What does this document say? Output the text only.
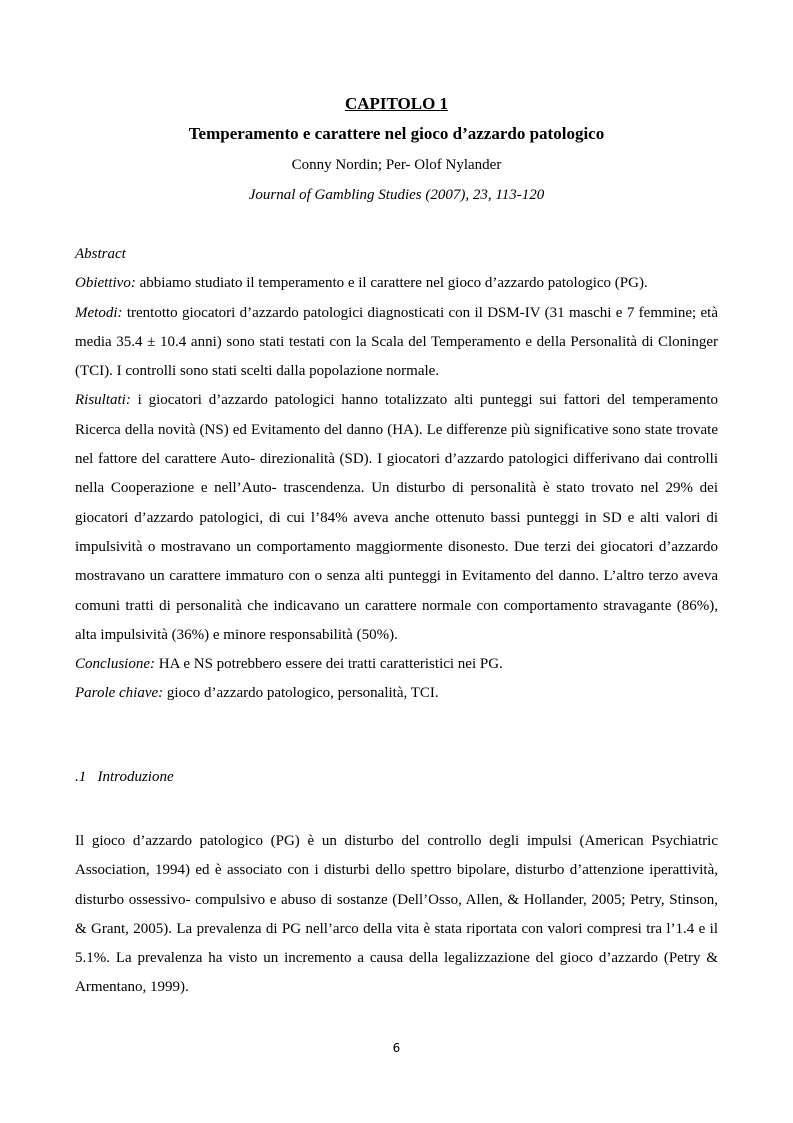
CAPITOLO 1
Temperamento e carattere nel gioco d’azzardo patologico
Conny Nordin; Per- Olof Nylander
Journal of Gambling Studies (2007), 23, 113-120

Abstract

Obiettivo: abbiamo studiato il temperamento e il carattere nel gioco d’azzardo patologico (PG).

Metodi: trentotto giocatori d’azzardo patologici diagnosticati con il DSM-IV (31 maschi e 7 femmine; età media 35.4 ± 10.4 anni) sono stati testati con la Scala del Temperamento e della Personalità di Cloninger (TCI). I controlli sono stati scelti dalla popolazione normale.

Risultati: i giocatori d’azzardo patologici hanno totalizzato alti punteggi sui fattori del temperamento Ricerca della novità (NS) ed Evitamento del danno (HA). Le differenze più significative sono state trovate nel fattore del carattere Auto- direzionalità (SD). I giocatori d’azzardo patologici differivano dai controlli nella Cooperazione e nell’Auto- trascendenza. Un disturbo di personalità è stato trovato nel 29% dei giocatori d’azzardo patologici, di cui l’84% aveva anche ottenuto bassi punteggi in SD e alti valori di impulsività o mostravano un comportamento maggiormente disonesto. Due terzi dei giocatori d’azzardo mostravano un carattere immaturo con o senza alti punteggi in Evitamento del danno. L’altro terzo aveva comuni tratti di personalità che indicavano un carattere normale con comportamento stravagante (86%), alta impulsività (36%) e minore responsabilità (50%).

Conclusione: HA e NS potrebbero essere dei tratti caratteristici nei PG.

Parole chiave: gioco d’azzardo patologico, personalità, TCI.

.1 Introduzione

Il gioco d’azzardo patologico (PG) è un disturbo del controllo degli impulsi (American Psychiatric Association, 1994) ed è associato con i disturbi dello spettro bipolare, disturbo d’attenzione iperattività, disturbo ossessivo- compulsivo e abuso di sostanze (Dell’Osso, Allen, & Hollander, 2005; Petry, Stinson, & Grant, 2005). La prevalenza di PG nell’arco della vita è stata riportata con valori compresi tra l’1.4 e il 5.1%. La prevalenza ha visto un incremento a causa della legalizzazione del gioco d’azzardo (Petry & Armentano, 1999).

6
